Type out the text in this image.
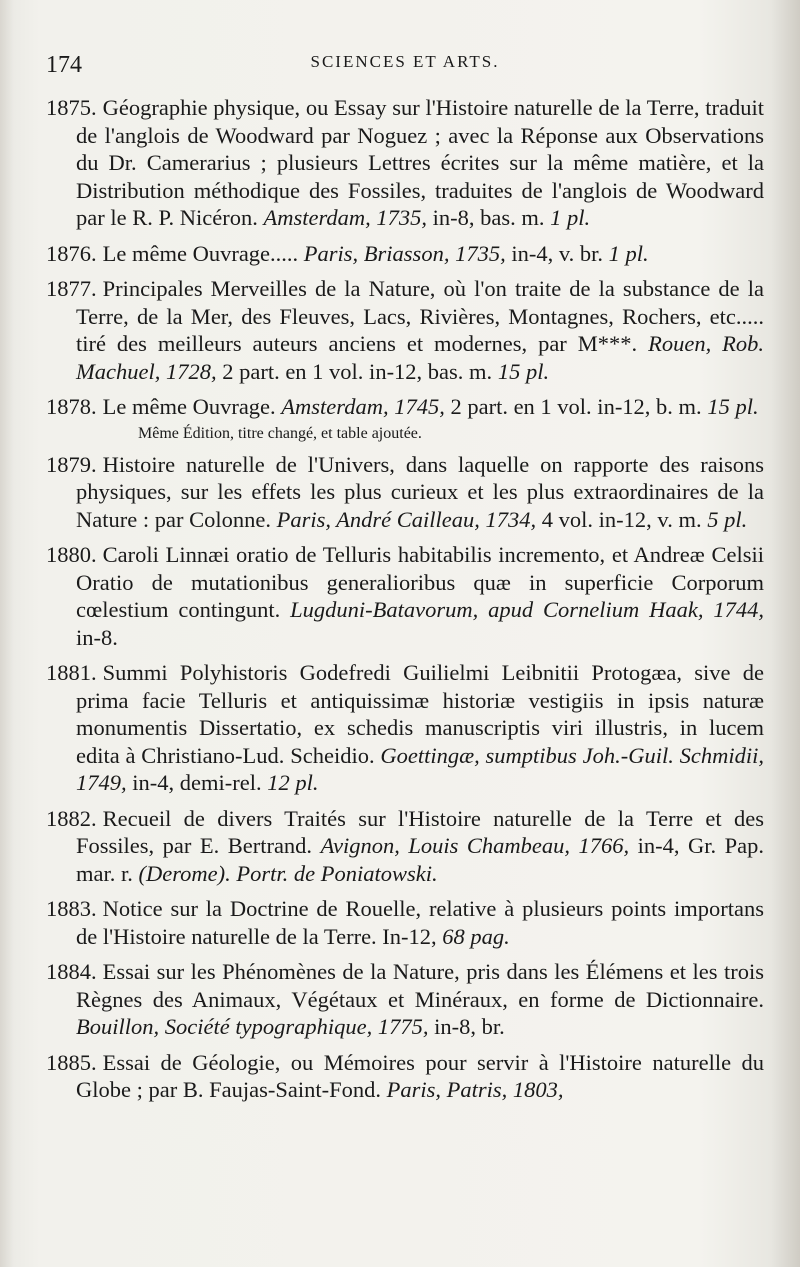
174	SCIENCES ET ARTS.
1875. Géographie physique, ou Essay sur l'Histoire naturelle de la Terre, traduit de l'anglois de Woodward par Noguez ; avec la Réponse aux Observations du Dr. Camerarius ; plusieurs Lettres écrites sur la même matière, et la Distribution méthodique des Fossiles, traduites de l'anglois de Woodward par le R. P. Nicéron. Amsterdam, 1735, in-8, bas. m. 1 pl.
1876. Le même Ouvrage..... Paris, Briasson, 1735, in-4, v. br. 1 pl.
1877. Principales Merveilles de la Nature, où l'on traite de la substance de la Terre, de la Mer, des Fleuves, Lacs, Rivières, Montagnes, Rochers, etc..... tiré des meilleurs auteurs anciens et modernes, par M***. Rouen, Rob. Machuel, 1728, 2 part. en 1 vol. in-12, bas. m. 15 pl.
1878. Le même Ouvrage. Amsterdam, 1745, 2 part. en 1 vol. in-12, b. m. 15 pl.
Même Édition, titre changé, et table ajoutée.
1879. Histoire naturelle de l'Univers, dans laquelle on rapporte des raisons physiques, sur les effets les plus curieux et les plus extraordinaires de la Nature : par Colonne. Paris, André Cailleau, 1734, 4 vol. in-12, v. m. 5 pl.
1880. Caroli Linnæi oratio de Telluris habitabilis incremento, et Andreæ Celsii Oratio de mutationibus generalioribus quæ in superficie Corporum cœlestium contingunt. Lugduni-Batavorum, apud Cornelium Haak, 1744, in-8.
1881. Summi Polyhistoris Godefredi Guilielmi Leibnitii Protogæa, sive de prima facie Telluris et antiquissimæ historiæ vestigiis in ipsis naturæ monumentis Dissertatio, ex schedis manuscriptis viri illustris, in lucem edita à Christiano-Lud. Scheidio. Goettingæ, sumptibus Joh.-Guil. Schmidii, 1749, in-4, demi-rel. 12 pl.
1882. Recueil de divers Traités sur l'Histoire naturelle de la Terre et des Fossiles, par E. Bertrand. Avignon, Louis Chambeau, 1766, in-4, Gr. Pap. mar. r. (Derome). Portr. de Poniatowski.
1883. Notice sur la Doctrine de Rouelle, relative à plusieurs points importans de l'Histoire naturelle de la Terre. In-12, 68 pag.
1884. Essai sur les Phénomènes de la Nature, pris dans les Élémens et les trois Règnes des Animaux, Végétaux et Minéraux, en forme de Dictionnaire. Bouillon, Société typographique, 1775, in-8, br.
1885. Essai de Géologie, ou Mémoires pour servir à l'Histoire naturelle du Globe ; par B. Faujas-Saint-Fond. Paris, Patris, 1803,
